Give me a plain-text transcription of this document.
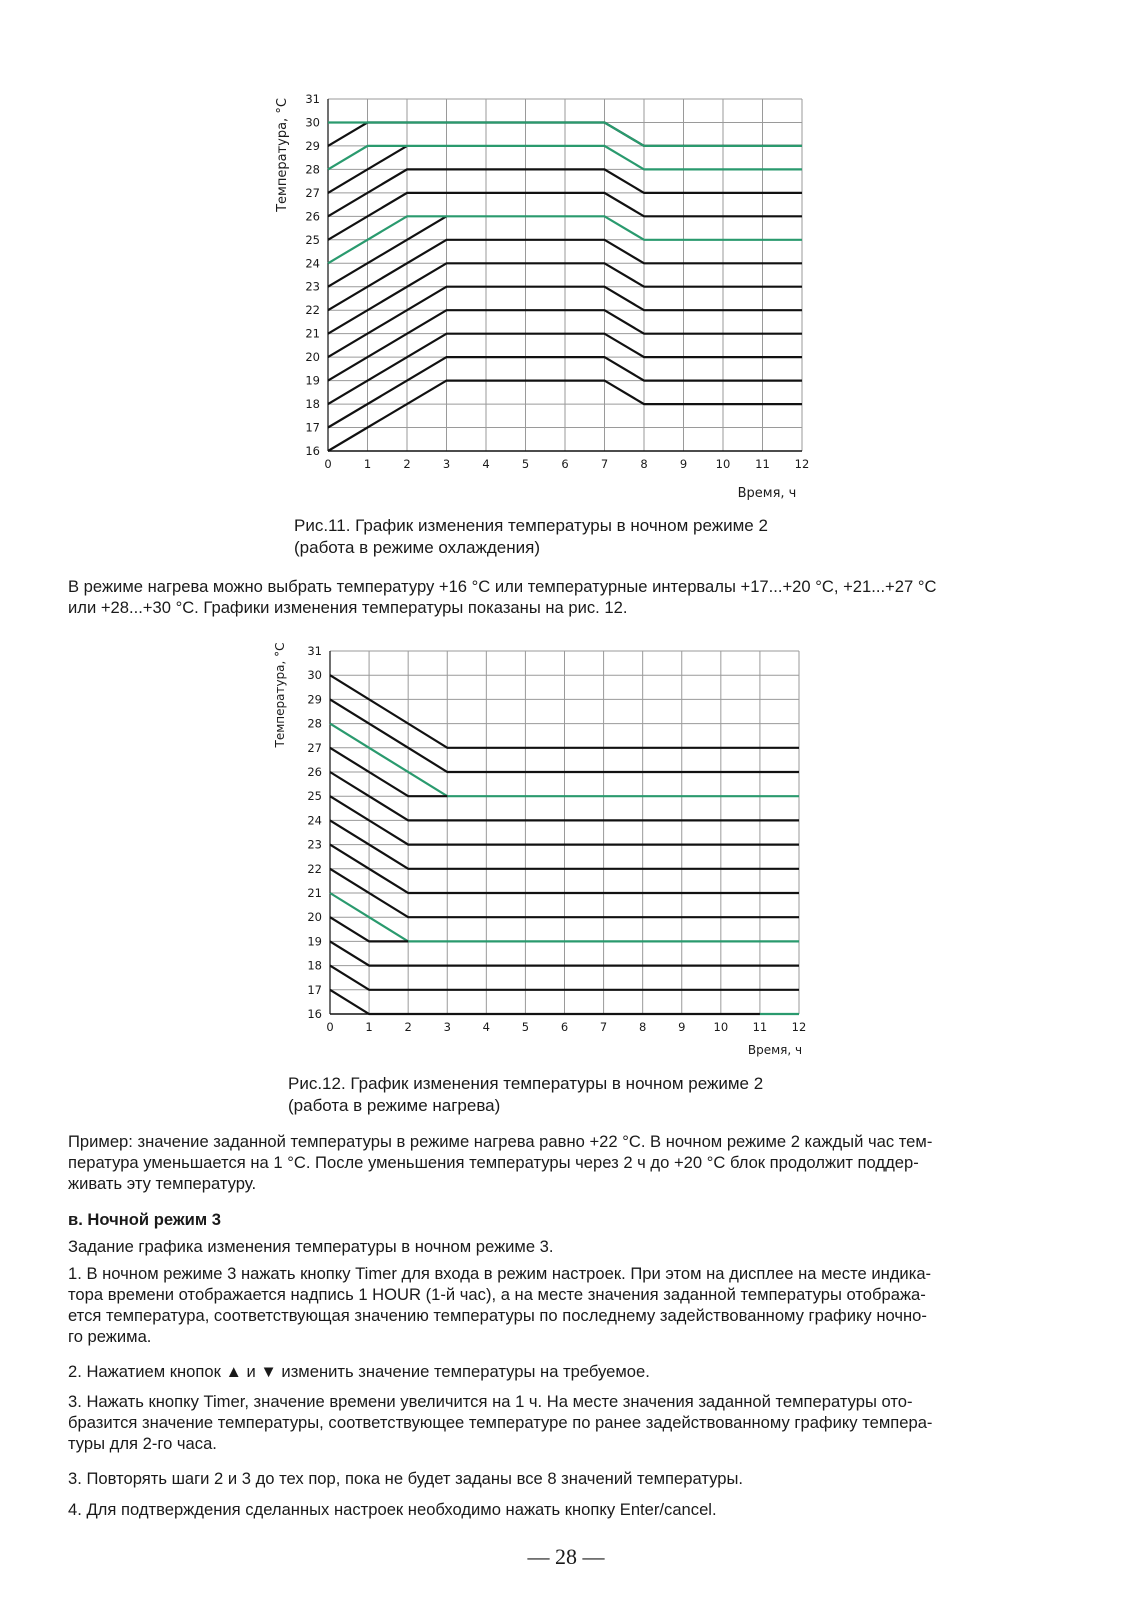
0	1	2	3	4	5	6	7	8	9 10 11 12
16
17
18
19
20
21
22
23
24
25
26
27
28
29
30
31
Температура, °C
Время, ч
Рис.11. График изменения температуры в ночном режиме 2
(работа в режиме охлаждения)
В режиме нагрева можно выбрать температуру +16 °С или температурные интервалы +17...+20 °С, +21...+27 °С
или +28...+30 °С. Графики изменения температуры показаны на рис. 12.
0	1	2	3	4	5	6	7	8	9 10 11 12
16
17
18
19
20
21
22
23
24
25
26
27
28
29
30
31
Температура, °C
Время, ч
Рис.12. График изменения температуры в ночном режиме 2
(работа в режиме нагрева)
Пример: значение заданной температуры в режиме нагрева равно +22 °С. В ночном режиме 2 каждый час тем-
пература уменьшается на 1 °С. После уменьшения температуры через 2 ч до +20 °С блок продолжит поддер-
живать эту температуру.
в. Ночной режим 3
Задание графика изменения температуры в ночном режиме 3.
1. В ночном режиме 3 нажать кнопку Timer для входа в режим настроек. При этом на дисплее на месте индика-
тора времени отображается надпись 1 HOUR (1-й час), а на месте значения заданной температуры отобража-
ется температура, соответствующая значению температуры по последнему задействованному графику ночно-
го режима.
2. Нажатием кнопок ▲ и ▼ изменить значение температуры на требуемое.
3. Нажать кнопку Timer, значение времени увеличится на 1 ч. На месте значения заданной температуры ото-
бразится значение температуры, соответствующее температуре по ранее задействованному графику темпера-
туры для 2-го часа.
3. Повторять шаги 2 и 3 до тех пор, пока не будет заданы все 8 значений температуры.
4. Для подтверждения сделанных настроек необходимо нажать кнопку Enter/cancel.
— 28 —
